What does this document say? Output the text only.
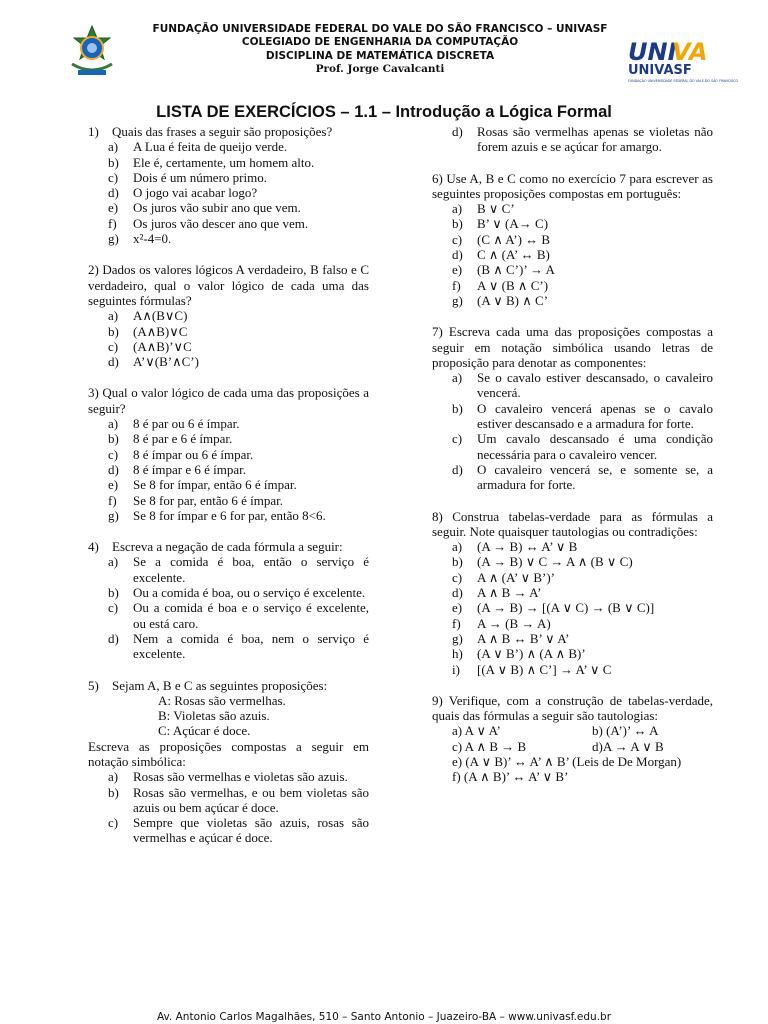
FUNDAÇÃO UNIVERSIDADE FEDERAL DO VALE DO SÃO FRANCISCO – UNIVASF
COLEGIADO DE ENGENHARIA DA COMPUTAÇÃO
DISCIPLINA DE MATEMÁTICA DISCRETA
Prof. Jorge Cavalcanti
UNI
VA
UNIVASF
FUNDAÇÃO UNIVERSIDADE FEDERAL DO VALE DO SÃO FRANCISCO
LISTA DE EXERCÍCIOS – 1.1 – Introdução a Lógica Formal
1)	Quais das frases a seguir são proposições?
a)	A Lua é feita de queijo verde.
b)	Ele é, certamente, um homem alto.
c)	Dois é um número primo.
d)	O jogo vai acabar logo?
e)	Os juros vão subir ano que vem.
f)	Os juros vão descer ano que vem.
g)	x²-4=0.

2) Dados os valores lógicos A verdadeiro, B falso e C verdadeiro, qual o valor lógico de cada uma das seguintes fórmulas?

a)	A∧(B∨C)
b)	(A∧B)∨C
c)	(A∧B)’∨C
d)	A’∨(B’∧C’)

3) Qual o valor lógico de cada uma das proposições a seguir?

a)	8 é par ou 6 é ímpar.
b)	8 é par e 6 é ímpar.
c)	8 é ímpar ou 6 é ímpar.
d)	8 é ímpar e 6 é ímpar.
e)	Se 8 for ímpar, então 6 é ímpar.
f)	Se 8 for par, então 6 é ímpar.
g)	Se 8 for ímpar e 6 for par, então 8<6.
4)	Escreva a negação de cada fórmula a seguir:
a)	Se a comida é boa, então o serviço é excelente.
b)	Ou a comida é boa, ou o serviço é excelente.
c)	Ou a comida é boa e o serviço é excelente, ou está caro.
d)	Nem a comida é boa, nem o serviço é excelente.
5)	Sejam A, B e C as seguintes proposições:

A: Rosas são vermelhas.

B: Violetas são azuis.

C: Açúcar é doce.

Escreva as proposições compostas a seguir em notação simbólica:

a)	Rosas são vermelhas e violetas são azuis.
b)	Rosas são vermelhas, e ou bem violetas são azuis ou bem açúcar é doce.
c)	Sempre que violetas são azuis, rosas são vermelhas e açúcar é doce.
d)	Rosas são vermelhas apenas se violetas não forem azuis e se açúcar for amargo.

6) Use A, B e C como no exercício 7 para escrever as seguintes proposições compostas em português:

a)	B ∨ C’
b)	B’ ∨ (A→ C)
c)	(C ∧ A’) ↔ B
d)	C ∧ (A’ ↔ B)
e)	(B ∧ C’)’ → A
f)	A ∨ (B ∧ C’)
g)	(A ∨ B) ∧ C’

7) Escreva cada uma das proposições compostas a seguir em notação simbólica usando letras de proposição para denotar as componentes:

a)	Se o cavalo estiver descansado, o cavaleiro vencerá.
b)	O cavaleiro vencerá apenas se o cavalo estiver descansado e a armadura for forte.
c)	Um cavalo descansado é uma condição necessária para o cavaleiro vencer.
d)	O cavaleiro vencerá se, e somente se, a armadura for forte.

8) Construa tabelas-verdade para as fórmulas a seguir. Note quaisquer tautologias ou contradições:

a)	(A → B) ↔ A’ ∨ B
b)	(A → B) ∨ C → A ∧ (B ∨ C)
c)	A ∧ (A’ ∨ B’)’
d)	A ∧ B → A’
e)	(A → B) → [(A ∨ C) → (B ∨ C)]
f)	A → (B → A)
g)	A ∧ B ↔ B’ ∨ A’
h)	(A ∨ B’) ∧ (A ∧ B)’
i)	[(A ∨ B) ∧ C’] → A’ ∨ C

9) Verifique, com a construção de tabelas-verdade, quais das fórmulas a seguir são tautologias:

a) A ∨ A’	b) (A’)’ ↔ A
c) A ∧ B → B	d)A → A ∨ B
e) (A ∨ B)’ ↔ A’ ∧ B’ (Leis de De Morgan)
f) (A ∧ B)’ ↔ A’ ∨ B’
Av. Antonio Carlos Magalhães, 510 – Santo Antonio – Juazeiro-BA – www.univasf.edu.br
